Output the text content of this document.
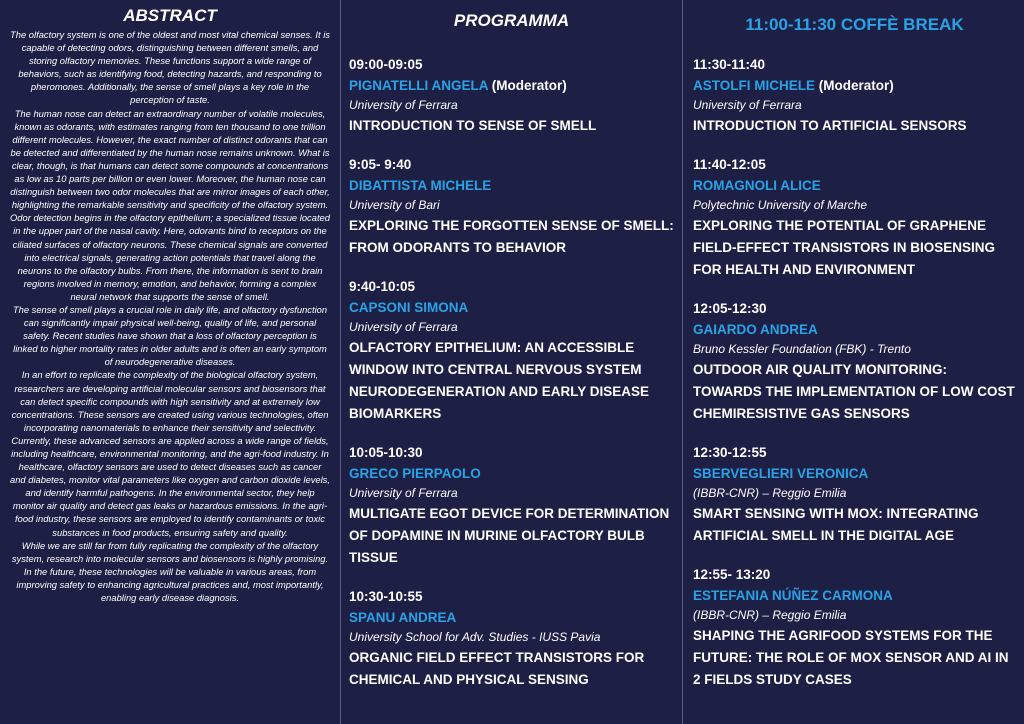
ABSTRACT

The olfactory system is one of the oldest and most vital chemical senses. It is capable of detecting odors, distinguishing between different smells, and storing olfactory memories. These functions support a wide range of behaviors, such as identifying food, detecting hazards, and responding to pheromones. Additionally, the sense of smell plays a key role in the perception of taste.

The human nose can detect an extraordinary number of volatile molecules, known as odorants, with estimates ranging from ten thousand to one trillion different molecules. However, the exact number of distinct odorants that can be detected and differentiated by the human nose remains unknown. What is clear, though, is that humans can detect some compounds at concentrations as low as 10 parts per billion or even lower. Moreover, the human nose can distinguish between two odor molecules that are mirror images of each other, highlighting the remarkable sensitivity and specificity of the olfactory system.

Odor detection begins in the olfactory epithelium; a specialized tissue located in the upper part of the nasal cavity. Here, odorants bind to receptors on the ciliated surfaces of olfactory neurons. These chemical signals are converted into electrical signals, generating action potentials that travel along the neurons to the olfactory bulbs. From there, the information is sent to brain regions involved in memory, emotion, and behavior, forming a complex neural network that supports the sense of smell.

The sense of smell plays a crucial role in daily life, and olfactory dysfunction can significantly impair physical well-being, quality of life, and personal safety. Recent studies have shown that a loss of olfactory perception is linked to higher mortality rates in older adults and is often an early symptom of neurodegenerative diseases.

In an effort to replicate the complexity of the biological olfactory system, researchers are developing artificial molecular sensors and biosensors that can detect specific compounds with high sensitivity and at extremely low concentrations. These sensors are created using various technologies, often incorporating nanomaterials to enhance their sensitivity and selectivity. Currently, these advanced sensors are applied across a wide range of fields, including healthcare, environmental monitoring, and the agri-food industry. In healthcare, olfactory sensors are used to detect diseases such as cancer and diabetes, monitor vital parameters like oxygen and carbon dioxide levels, and identify harmful pathogens. In the environmental sector, they help monitor air quality and detect gas leaks or hazardous emissions. In the agri-food industry, these sensors are employed to identify contaminants or toxic substances in food products, ensuring safety and quality.

While we are still far from fully replicating the complexity of the olfactory system, research into molecular sensors and biosensors is highly promising. In the future, these technologies will be valuable in various areas, from improving safety to enhancing agricultural practices and, most importantly, enabling early disease diagnosis.

PROGRAMMA
09:00-09:05
PIGNATELLI ANGELA (Moderator)
University of Ferrara
INTRODUCTION TO SENSE OF SMELL
9:05- 9:40
DIBATTISTA MICHELE
University of Bari
EXPLORING THE FORGOTTEN SENSE OF SMELL: FROM ODORANTS TO BEHAVIOR
9:40-10:05
CAPSONI SIMONA
University of Ferrara
OLFACTORY EPITHELIUM: AN ACCESSIBLE WINDOW INTO CENTRAL NERVOUS SYSTEM NEURODEGENERATION AND EARLY DISEASE BIOMARKERS
10:05-10:30
GRECO PIERPAOLO
University of Ferrara
MULTIGATE EGOT DEVICE FOR DETERMINATION OF DOPAMINE IN MURINE OLFACTORY BULB TISSUE
10:30-10:55
SPANU ANDREA
University School for Adv. Studies - IUSS Pavia
ORGANIC FIELD EFFECT TRANSISTORS FOR CHEMICAL AND PHYSICAL SENSING
11:00-11:30 COFFÈ BREAK
11:30-11:40
ASTOLFI MICHELE (Moderator)
University of Ferrara
INTRODUCTION TO ARTIFICIAL SENSORS
11:40-12:05
ROMAGNOLI ALICE
Polytechnic University of Marche
EXPLORING THE POTENTIAL OF GRAPHENE FIELD-EFFECT TRANSISTORS IN BIOSENSING FOR HEALTH AND ENVIRONMENT
12:05-12:30
GAIARDO ANDREA
Bruno Kessler Foundation (FBK) - Trento
OUTDOOR AIR QUALITY MONITORING: TOWARDS THE IMPLEMENTATION OF LOW COST CHEMIRESISTIVE GAS SENSORS
12:30-12:55
SBERVEGLIERI VERONICA
(IBBR-CNR) – Reggio Emilia
SMART SENSING WITH MOX: INTEGRATING ARTIFICIAL SMELL IN THE DIGITAL AGE
12:55- 13:20
ESTEFANIA NÚÑEZ CARMONA
(IBBR-CNR) – Reggio Emilia
SHAPING THE AGRIFOOD SYSTEMS FOR THE FUTURE: THE ROLE OF MOX SENSOR AND AI IN 2 FIELDS STUDY CASES
